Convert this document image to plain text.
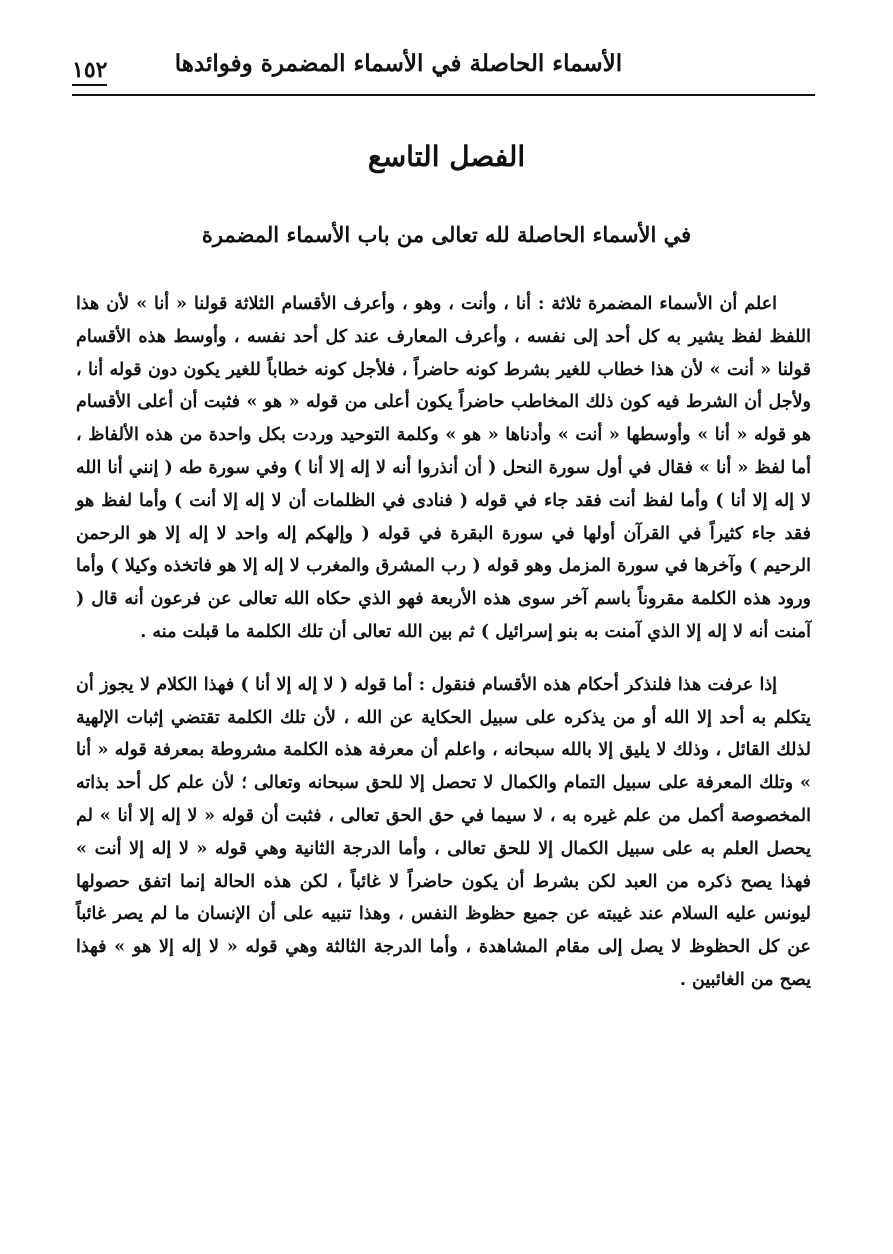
الأسماء الحاصلة في الأسماء المضمرة وفوائدها
١٥٢
الفصل التاسع
في الأسماء الحاصلة لله تعالى من باب الأسماء المضمرة

اعلم أن الأسماء المضمرة ثلاثة : أنا ، وأنت ، وهو ، وأعرف الأقسام الثلاثة قولنا « أنا » لأن هذا اللفظ لفظ يشير به كل أحد إلى نفسه ، وأعرف المعارف عند كل أحد نفسه ، وأوسط هذه الأقسام قولنا « أنت » لأن هذا خطاب للغير بشرط كونه حاضراً ، فلأجل كونه خطاباً للغير يكون دون قوله أنا ، ولأجل أن الشرط فيه كون ذلك المخاطب حاضراً يكون أعلى من قوله « هو » فثبت أن أعلى الأقسام هو قوله « أنا » وأوسطها « أنت » وأدناها « هو » وكلمة التوحيد وردت بكل واحدة من هذه الألفاظ ، أما لفظ « أنا » فقال في أول سورة النحل ( أن أنذروا أنه لا إله إلا أنا ) وفي سورة طه ( إنني أنا الله لا إله إلا أنا ) وأما لفظ أنت فقد جاء في قوله ( فنادى في الظلمات أن لا إله إلا أنت ) وأما لفظ هو فقد جاء كثيراً في القرآن أولها في سورة البقرة في قوله ( وإلهكم إله واحد لا إله إلا هو الرحمن الرحيم ) وآخرها في سورة المزمل وهو قوله ( رب المشرق والمغرب لا إله إلا هو فاتخذه وكيلا ) وأما ورود هذه الكلمة مقروناً باسم آخر سوى هذه الأربعة فهو الذي حكاه الله تعالى عن فرعون أنه قال ( آمنت أنه لا إله إلا الذي آمنت به بنو إسرائيل ) ثم بين الله تعالى أن تلك الكلمة ما قبلت منه .

إذا عرفت هذا فلنذكر أحكام هذه الأقسام فنقول : أما قوله ( لا إله إلا أنا ) فهذا الكلام لا يجوز أن يتكلم به أحد إلا الله أو من يذكره على سبيل الحكاية عن الله ، لأن تلك الكلمة تقتضي إثبات الإلهية لذلك القائل ، وذلك لا يليق إلا بالله سبحانه ، واعلم أن معرفة هذه الكلمة مشروطة بمعرفة قوله « أنا » وتلك المعرفة على سبيل التمام والكمال لا تحصل إلا للحق سبحانه وتعالى ؛ لأن علم كل أحد بذاته المخصوصة أكمل من علم غيره به ، لا سيما في حق الحق تعالى ، فثبت أن قوله « لا إله إلا أنا » لم يحصل العلم به على سبيل الكمال إلا للحق تعالى ، وأما الدرجة الثانية وهي قوله « لا إله إلا أنت » فهذا يصح ذكره من العبد لكن بشرط أن يكون حاضراً لا غائباً ، لكن هذه الحالة إنما اتفق حصولها ليونس عليه السلام عند غيبته عن جميع حظوظ النفس ، وهذا تنبيه على أن الإنسان ما لم يصر غائباً عن كل الحظوظ لا يصل إلى مقام المشاهدة ، وأما الدرجة الثالثة وهي قوله « لا إله إلا هو » فهذا يصح من الغائبين .
